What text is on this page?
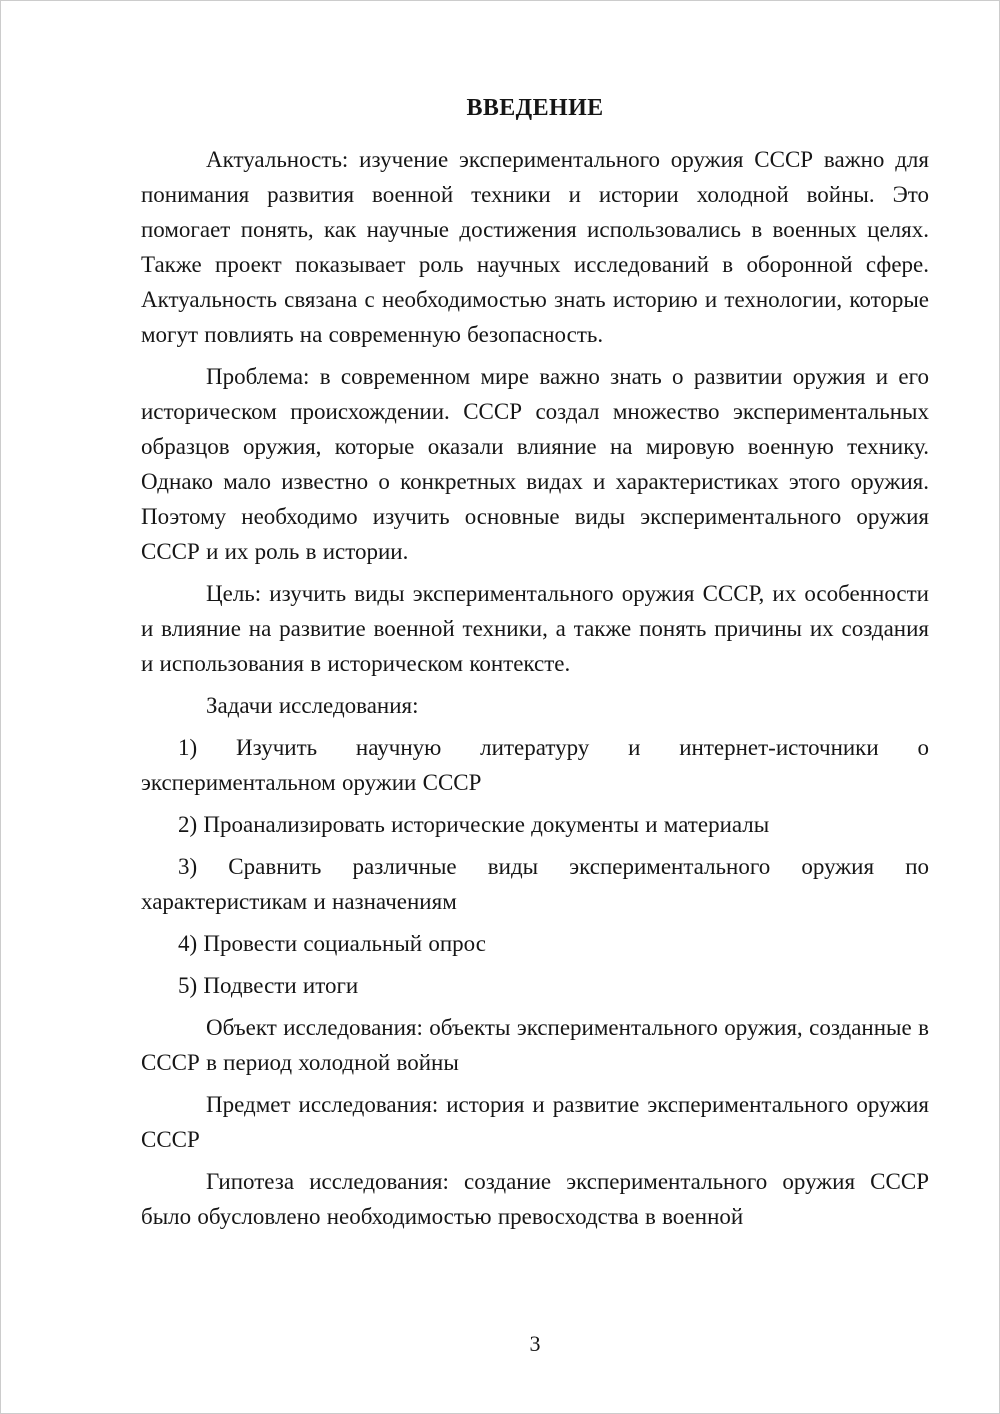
ВВЕДЕНИЕ

Актуальность: изучение экспериментального оружия СССР важно для понимания развития военной техники и истории холодной войны. Это помогает понять, как научные достижения использовались в военных целях. Также проект показывает роль научных исследований в оборонной сфере. Актуальность связана с необходимостью знать историю и технологии, которые могут повлиять на современную безопасность.

Проблема: в современном мире важно знать о развитии оружия и его историческом происхождении. СССР создал множество экспериментальных образцов оружия, которые оказали влияние на мировую военную технику. Однако мало известно о конкретных видах и характеристиках этого оружия. Поэтому необходимо изучить основные виды экспериментального оружия СССР и их роль в истории.

Цель: изучить виды экспериментального оружия СССР, их особенности и влияние на развитие военной техники, а также понять причины их создания и использования в историческом контексте.

Задачи исследования:

1) Изучить научную литературу и интернет-источники о экспериментальном оружии СССР

2) Проанализировать исторические документы и материалы

3) Сравнить различные виды экспериментального оружия по характеристикам и назначениям

4) Провести социальный опрос

5) Подвести итоги

Объект исследования: объекты экспериментального оружия, созданные в СССР в период холодной войны

Предмет исследования: история и развитие экспериментального оружия СССР

Гипотеза исследования: создание экспериментального оружия СССР было обусловлено необходимостью превосходства в военной

3
